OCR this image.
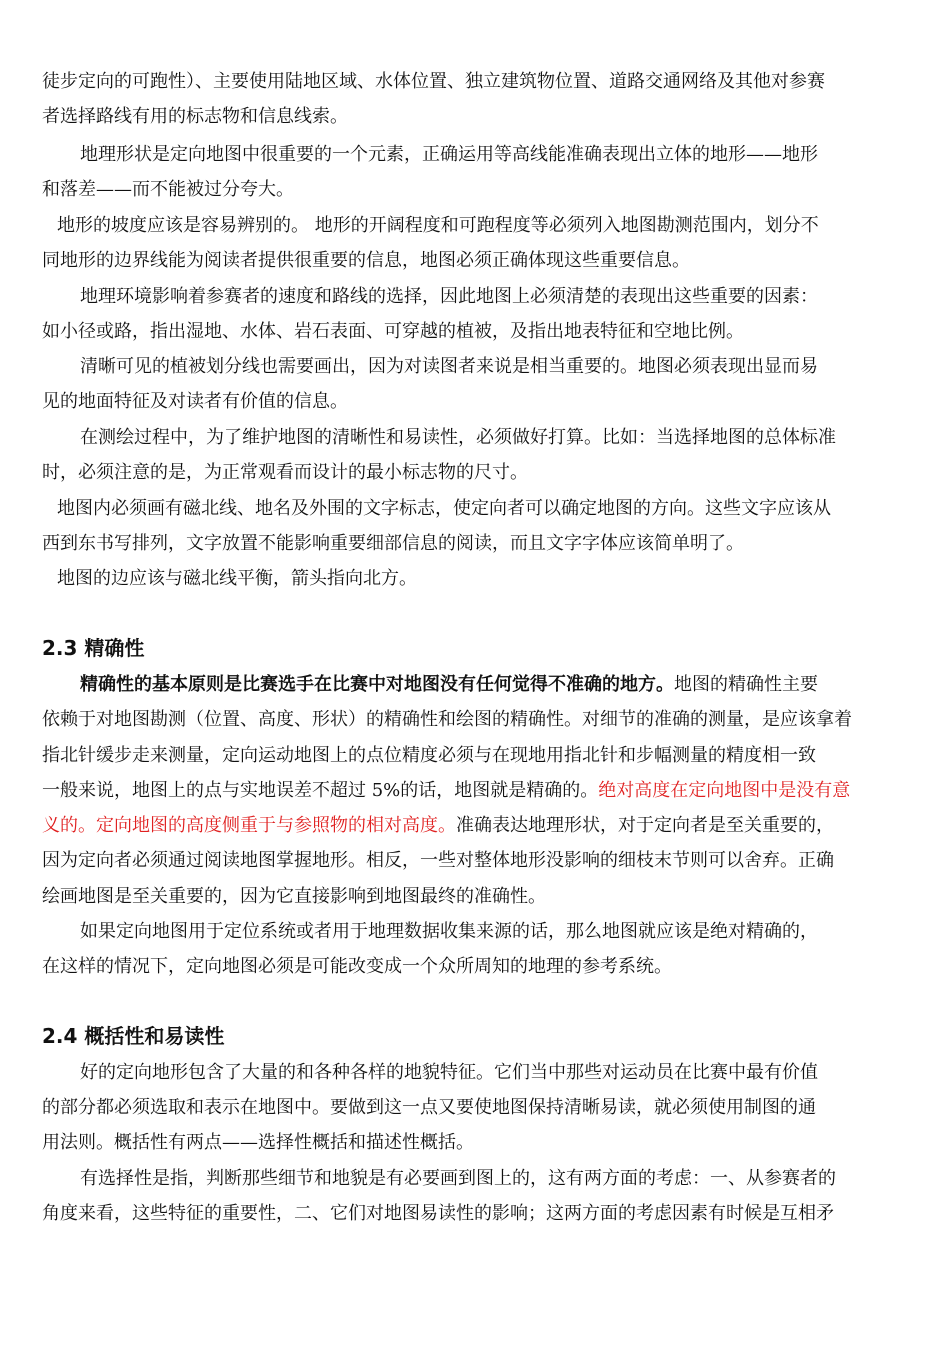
徒步定向的可跑性）、主要使用陆地区域、水体位置、独立建筑物位置、道路交通网络及其他对参赛
者选择路线有用的标志物和信息线索。
地理形状是定向地图中很重要的一个元素，正确运用等高线能准确表现出立体的地形——地形
和落差——而不能被过分夸大。
地形的坡度应该是容易辨别的。 地形的开阔程度和可跑程度等必须列入地图勘测范围内，划分不
同地形的边界线能为阅读者提供很重要的信息，地图必须正确体现这些重要信息。
地理环境影响着参赛者的速度和路线的选择，因此地图上必须清楚的表现出这些重要的因素：
如小径或路，指出湿地、水体、岩石表面、可穿越的植被，及指出地表特征和空地比例。
清晰可见的植被划分线也需要画出，因为对读图者来说是相当重要的。地图必须表现出显而易
见的地面特征及对读者有价值的信息。
在测绘过程中，为了维护地图的清晰性和易读性，必须做好打算。比如：当选择地图的总体标准
时，必须注意的是，为正常观看而设计的最小标志物的尺寸。
地图内必须画有磁北线、地名及外围的文字标志，使定向者可以确定地图的方向。这些文字应该从
西到东书写排列，文字放置不能影响重要细部信息的阅读，而且文字字体应该简单明了。
地图的边应该与磁北线平衡，箭头指向北方。
2.3 精确性
精确性的基本原则是比赛选手在比赛中对地图没有任何觉得不准确的地方。地图的精确性主要
依赖于对地图勘测（位置、高度、形状）的精确性和绘图的精确性。对细节的准确的测量，是应该拿着
指北针缓步走来测量，定向运动地图上的点位精度必须与在现地用指北针和步幅测量的精度相一致
一般来说，地图上的点与实地误差不超过 5%的话，地图就是精确的。绝对高度在定向地图中是没有意
义的。定向地图的高度侧重于与参照物的相对高度。准确表达地理形状，对于定向者是至关重要的，
因为定向者必须通过阅读地图掌握地形。相反，一些对整体地形没影响的细枝末节则可以舍弃。正确
绘画地图是至关重要的，因为它直接影响到地图最终的准确性。
如果定向地图用于定位系统或者用于地理数据收集来源的话，那么地图就应该是绝对精确的，
在这样的情况下，定向地图必须是可能改变成一个众所周知的地理的参考系统。
2.4 概括性和易读性
好的定向地形包含了大量的和各种各样的地貌特征。它们当中那些对运动员在比赛中最有价值
的部分都必须选取和表示在地图中。要做到这一点又要使地图保持清晰易读，就必须使用制图的通
用法则。概括性有两点——选择性概括和描述性概括。
有选择性是指，判断那些细节和地貌是有必要画到图上的，这有两方面的考虑：一、从参赛者的
角度来看，这些特征的重要性，二、它们对地图易读性的影响；这两方面的考虑因素有时候是互相矛
